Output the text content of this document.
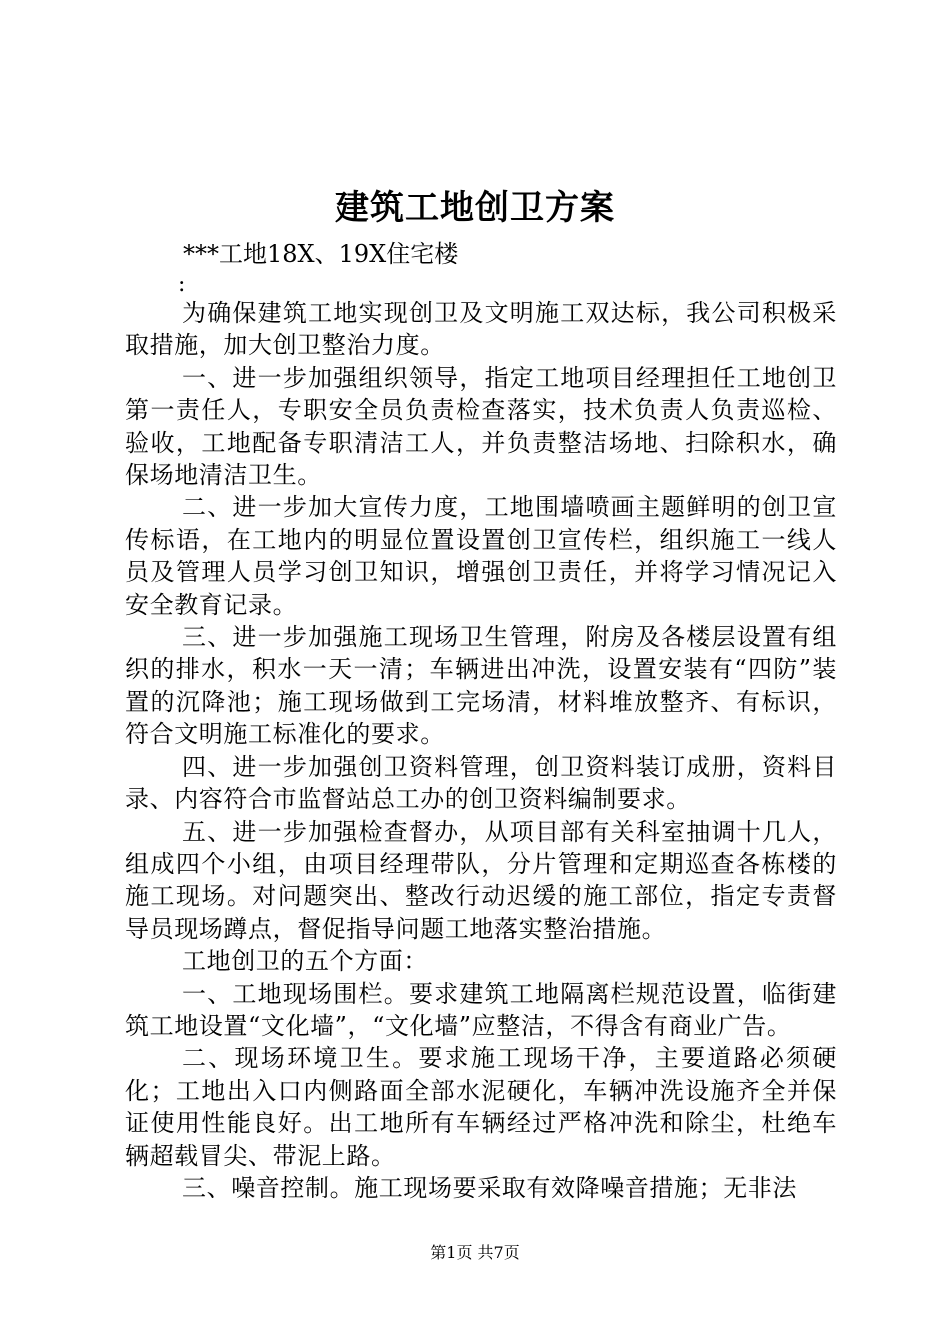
建筑工地创卫方案
***工地18X、19X住宅楼
:

为确保建筑工地实现创卫及文明施工双达标，我公司积极采取措施，加大创卫整治力度。

一、进一步加强组织领导，指定工地项目经理担任工地创卫第一责任人，专职安全员负责检查落实，技术负责人负责巡检、验收，工地配备专职清洁工人，并负责整洁场地、扫除积水，确保场地清洁卫生。

二、进一步加大宣传力度，工地围墙喷画主题鲜明的创卫宣传标语，在工地内的明显位置设置创卫宣传栏，组织施工一线人员及管理人员学习创卫知识，增强创卫责任，并将学习情况记入安全教育记录。

三、进一步加强施工现场卫生管理，附房及各楼层设置有组织的排水，积水一天一清；车辆进出冲洗，设置安装有“四防”装置的沉降池；施工现场做到工完场清，材料堆放整齐、有标识，符合文明施工标准化的要求。

四、进一步加强创卫资料管理，创卫资料装订成册，资料目录、内容符合市监督站总工办的创卫资料编制要求。

五、进一步加强检查督办，从项目部有关科室抽调十几人，组成四个小组，由项目经理带队，分片管理和定期巡查各栋楼的施工现场。对问题突出、整改行动迟缓的施工部位，指定专责督导员现场蹲点，督促指导问题工地落实整治措施。

工地创卫的五个方面：

一、工地现场围栏。要求建筑工地隔离栏规范设置，临街建筑工地设置“文化墙”，“文化墙”应整洁，不得含有商业广告。

二、现场环境卫生。要求施工现场干净，主要道路必须硬化；工地出入口内侧路面全部水泥硬化，车辆冲洗设施齐全并保证使用性能良好。出工地所有车辆经过严格冲洗和除尘，杜绝车辆超载冒尖、带泥上路。

三、噪音控制。施工现场要采取有效降噪音措施；无非法

第1页 共7页
